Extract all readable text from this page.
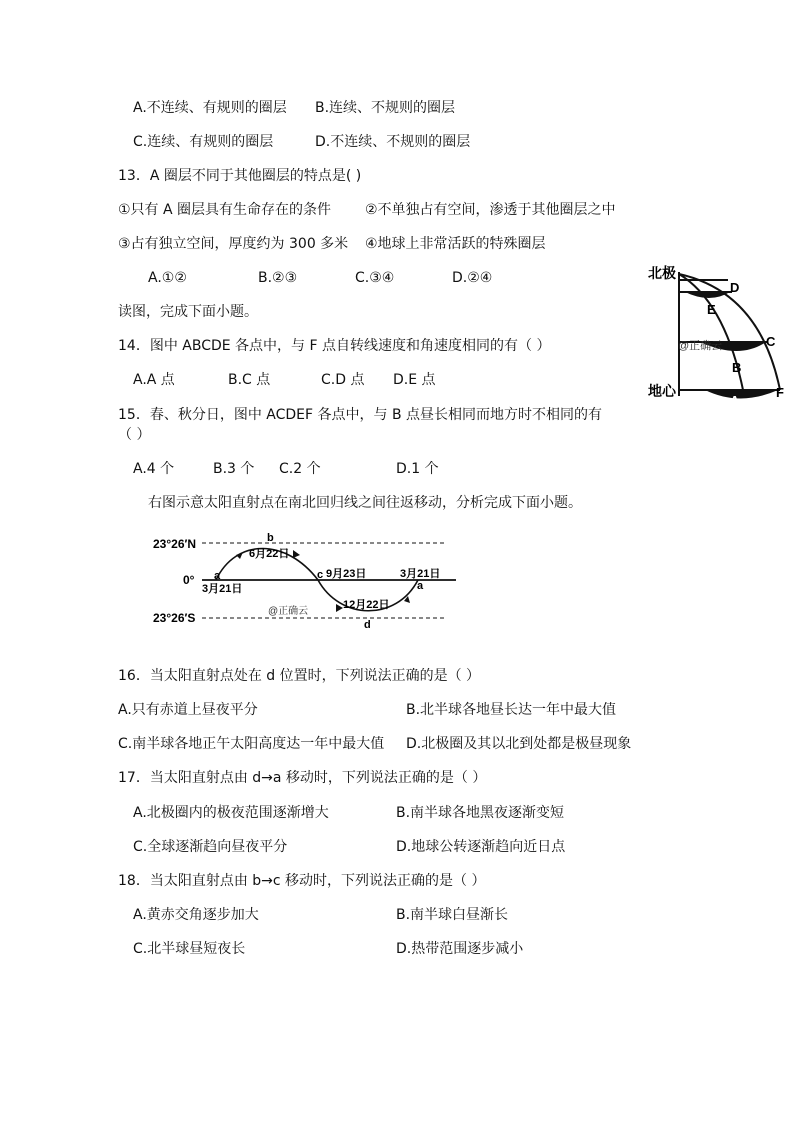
A.不连续、有规则的圈层 B.连续、不规则的圈层
C.连续、有规则的圈层	D.不连续、不规则的圈层
13．A 圈层不同于其他圈层的特点是( )
①只有 A 圈层具有生命存在的条件 ②不单独占有空间，渗透于其他圈层之中
③占有独立空间，厚度约为 300 多米 ④地球上非常活跃的特殊圈层
A.①②	B.②③	C.③④	D.②④
读图，完成下面小题。
14．图中 ABCDE 各点中，与 F 点自转线速度和角速度相同的有（ ）
A.A 点	B.C 点	C.D 点 D.E 点
15．春、秋分日，图中 ACDEF 各点中，与 B 点昼长相同而地方时不相同的有
（ ）
A.4 个	B.3 个 C.2 个	D.1 个
右图示意太阳直射点在南北回归线之间往返移动，分析完成下面小题。
北极
地心
D
E
C
B
A
F
@正确云
23°26′N
0°
23°26′S
b
6月22日
a
3月21日
c 9月23日	3月21日
a
12月22日
d
@正确云
16．当太阳直射点处在 d 位置时，下列说法正确的是（ ）
A.只有赤道上昼夜平分	B.北半球各地昼长达一年中最大值
C.南半球各地正午太阳高度达一年中最大值 D.北极圈及其以北到处都是极昼现象
17．当太阳直射点由 d→a 移动时，下列说法正确的是（ ）
A.北极圈内的极夜范围逐渐增大	B.南半球各地黑夜逐渐变短
C.全球逐渐趋向昼夜平分	D.地球公转逐渐趋向近日点
18．当太阳直射点由 b→c 移动时，下列说法正确的是（ ）
A.黄赤交角逐步加大	B.南半球白昼渐长
C.北半球昼短夜长	D.热带范围逐步减小
